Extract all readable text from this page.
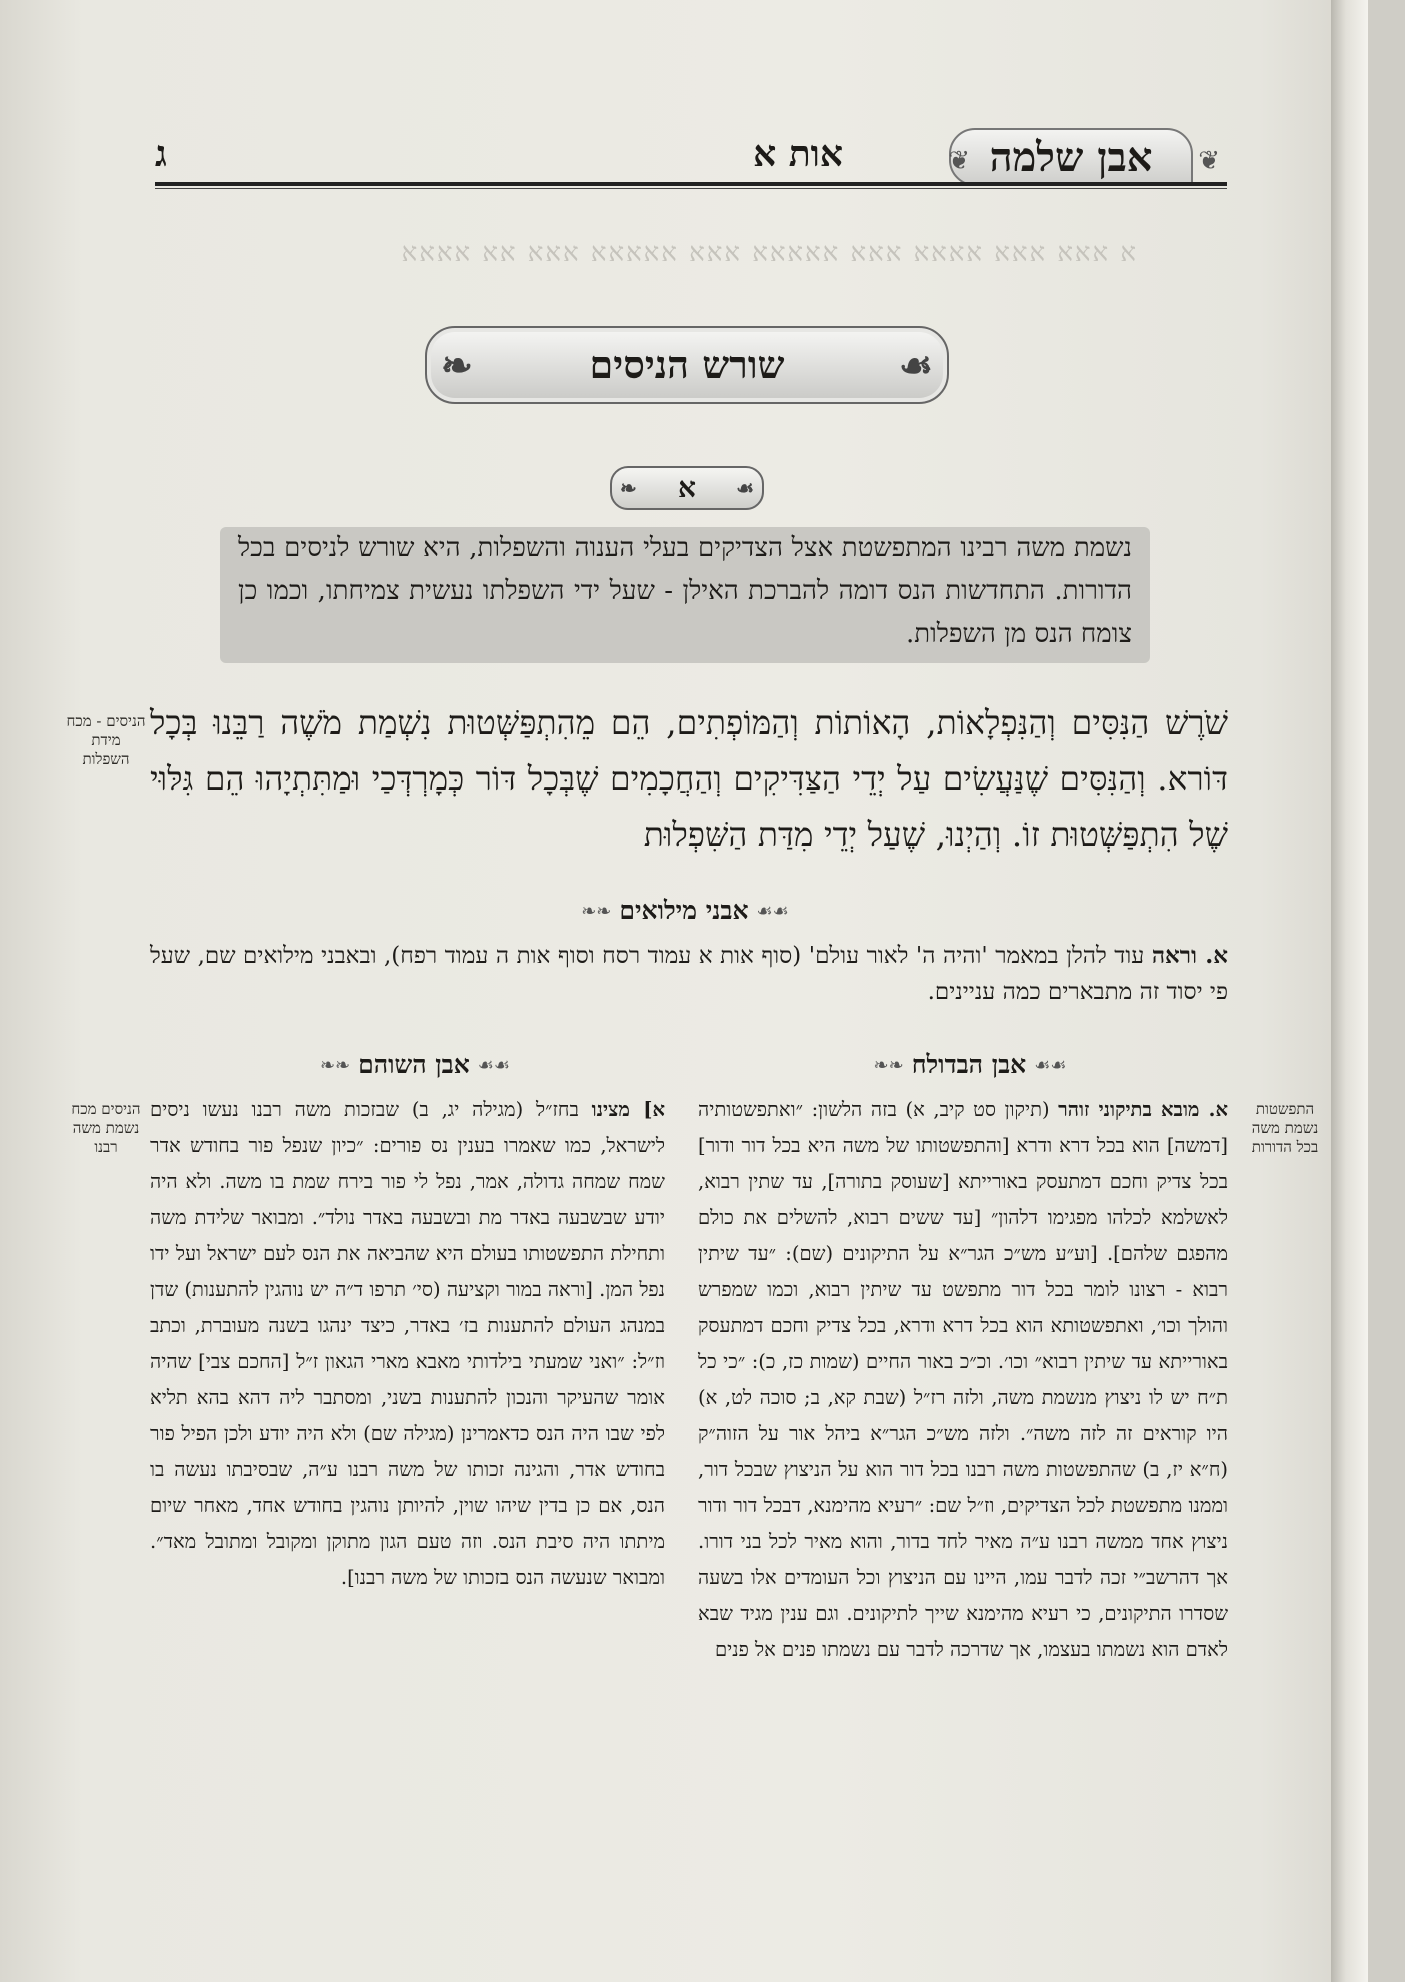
ﬡ ﬡﬡﬡ ﬡﬡﬡ ﬡﬡﬡﬡ ﬡﬡﬡ ﬡﬡﬡﬡﬡ ﬡﬡﬡ ﬡﬡﬡﬡﬡ ﬡﬡﬡ ﬡﬡ ﬡﬡﬡﬡ
אבן שלמה ❦
❦
אות א
ג
❧	שורש הניסים	☙
❧ א ☙

נשמת משה רבינו המתפשטת אצל הצדיקים בעלי הענוה והשפלות, היא שורש לניסים בכל הדורות. התחדשות הנס דומה להברכת האילן - שעל ידי השפלתו נעשית צמיחתו, וכמו כן צומח הנס מן השפלות.

שֹׁרֶשׁ הַנִּסִּים וְהַנִּפְלָאוֹת, הָאוֹתוֹת וְהַמּוֹפְתִים, הֵם מֵהִתְפַּשְּׁטוּת נִשְׁמַת מֹשֶׁה רַבֵּנוּ בְּכָל דּוֹרא. וְהַנִּסִּים שֶׁנַּעֲשִׂים עַל יְדֵי הַצַּדִּיקִים וְהַחֲכָמִים שֶׁבְּכָל דּוֹר כְּמָרְדְּכַי וּמַתִּתְיָהוּ הֵם גִּלּוּי שֶׁל הִתְפַּשְּׁטוּת זוֹ. וְהַיְנוּ, שֶׁעַל יְדֵי מִדַּת הַשִּׁפְלוּת

הניסים - מכח מידת השפלות
❧❧ אבני מילואים ☙☙

א. וראה עוד להלן במאמר 'והיה ה' לאור עולם' (סוף אות א עמוד רסח וסוף אות ה עמוד רפח), ובאבני מילואים שם, שעל פי יסוד זה מתבארים כמה עניינים.

❧❧ אבן הבדולח ☙☙
❧❧ אבן השוהם ☙☙

א. מובא בתיקוני זוהר (תיקון סט קיב, א) בזה הלשון: ״ואתפשטותיה [דמשה] הוא בכל דרא ודרא [והתפשטותו של משה היא בכל דור ודור] בכל צדיק וחכם דמתעסק באורייתא [שעוסק בתורה], עד שתין רבוא, לאשלמא לכלהו מפגימו דלהון״ [עד ששים רבוא, להשלים את כולם מהפגם שלהם]. [וע״ע מש״כ הגר״א על התיקונים (שם): ״עד שיתין רבוא - רצונו לומר בכל דור מתפשט עד שיתין רבוא, וכמו שמפרש והולך וכו׳, ואתפשטותא הוא בכל דרא ודרא, בכל צדיק וחכם דמתעסק באורייתא עד שיתין רבוא״ וכו׳. וכ״כ באור החיים (שמות כז, כ): ״כי כל ת״ח יש לו ניצוץ מנשמת משה, ולזה רז״ל (שבת קא, ב; סוכה לט, א) היו קוראים זה לזה משה״. ולזה מש״כ הגר״א ביהל אור על הזוה״ק (ח״א יז, ב) שהתפשטות משה רבנו בכל דור הוא על הניצוץ שבכל דור, וממנו מתפשטת לכל הצדיקים, וז״ל שם: ״רעיא מהימנא, דבכל דור ודור ניצוץ אחד ממשה רבנו ע״ה מאיר לחד בדור, והוא מאיר לכל בני דורו. אך דהרשב״י זכה לדבר עמו, היינו עם הניצוץ וכל העומדים אלו בשעה שסדרו התיקונים, כי רעיא מהימנא שייך לתיקונים. וגם ענין מגיד שבא לאדם הוא נשמתו בעצמו, אך שדרכה לדבר עם נשמתו פנים אל פנים

התפשטות נשמת משה בכל הדורות

א] מצינו בחז״ל (מגילה יג, ב) שבזכות משה רבנו נעשו ניסים לישראל, כמו שאמרו בענין נס פורים: ״כיון שנפל פור בחודש אדר שמח שמחה גדולה, אמר, נפל לי פור בירח שמת בו משה. ולא היה יודע שבשבעה באדר מת ובשבעה באדר נולד״. ומבואר שלידת משה ותחילת התפשטותו בעולם היא שהביאה את הנס לעם ישראל ועל ידו נפל המן. [וראה במור וקציעה (סי׳ תרפו ד״ה יש נוהגין להתענות) שדן במנהג העולם להתענות בז׳ באדר, כיצד ינהגו בשנה מעוברת, וכתב וז״ל: ״ואני שמעתי בילדותי מאבא מארי הגאון ז״ל [החכם צבי] שהיה אומר שהעיקר והנכון להתענות בשני, ומסתבר ליה דהא בהא תליא לפי שבו היה הנס כדאמרינן (מגילה שם) ולא היה יודע ולכן הפיל פור בחודש אדר, והגינה זכותו של משה רבנו ע״ה, שבסיבתו נעשה בו הנס, אם כן בדין שיהו שוין, להיותן נוהגין בחודש אחד, מאחר שיום מיתתו היה סיבת הנס. וזה טעם הגון מתוקן ומקובל ומתובל מאד״. ומבואר שנעשה הנס בזכותו של משה רבנו].

הניסים מכח נשמת משה רבנו
